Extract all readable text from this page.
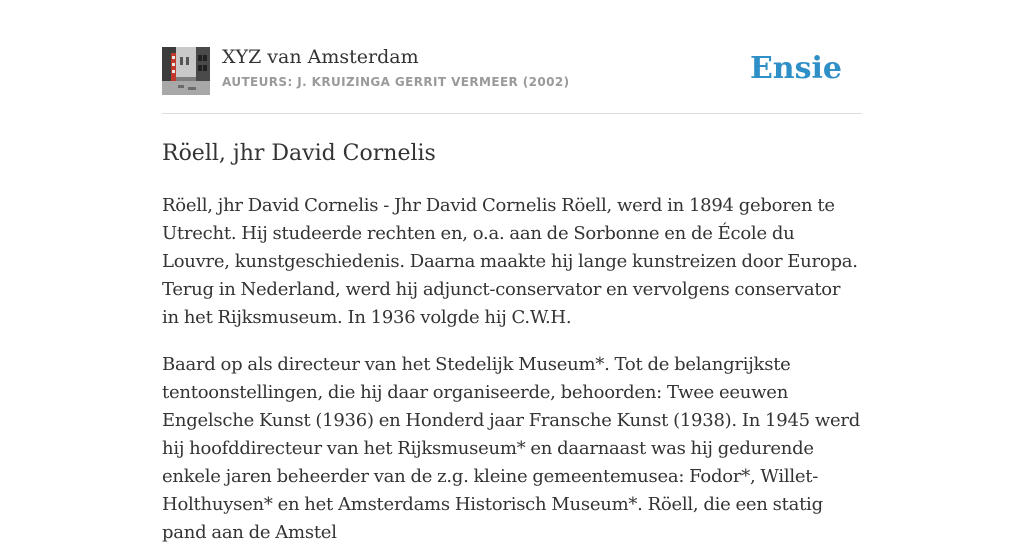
XYZ van Amsterdam
AUTEURS: J. KRUIZINGA GERRIT VERMEER (2002)	Ensie
Röell, jhr David Cornelis

Röell, jhr David Cornelis - Jhr David Cornelis Röell, werd in 1894 geboren te Utrecht. Hij studeerde rechten en, o.a. aan de Sorbonne en de École du Louvre, kunstgeschiedenis. Daarna maakte hij lange kunstreizen door Europa. Terug in Nederland, werd hij adjunct-conservator en vervolgens conservator in het Rijksmuseum. In 1936 volgde hij C.W.H.

Baard op als directeur van het Stedelijk Museum*. Tot de belangrijkste tentoonstellingen, die hij daar organiseerde, behoorden: Twee eeuwen Engelsche Kunst (1936) en Honderd jaar Fransche Kunst (1938). In 1945 werd hij hoofddirecteur van het Rijksmuseum* en daarnaast was hij gedurende enkele jaren beheerder van de z.g. kleine gemeentemusea: Fodor*, Willet-Holthuysen* en het Amsterdams Historisch Museum*. Röell, die een statig pand aan de Amstel
